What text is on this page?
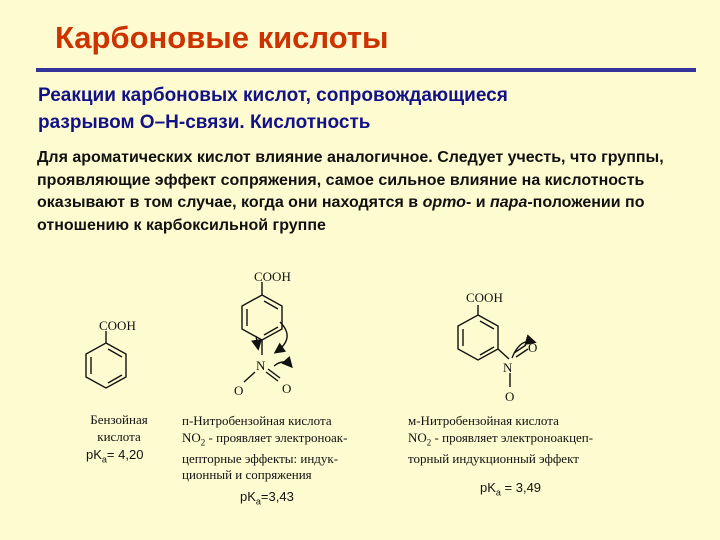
Карбоновые кислоты
Реакции карбоновых кислот, сопровождающиеся
разрывом О–Н-связи. Кислотность
Для ароматических кислот влияние аналогичное. Следует учесть, что группы, проявляющие эффект сопряжения, самое сильное влияние на кислотность оказывают в том случае, когда они находятся в орто- и пара-положении по отношению к карбоксильной группе
COOH
COOH
N
O	O
COOH
N
O
O
Бензойная
кислота
$pK_a= 4,20$
п-Нитробензойная кислота
$NO_2$ - проявляет электроноак-
цепторные эффекты: индук-
ционный и сопряжения
$pK_a=3,43$
м-Нитробензойная кислота
$NO_2$ - проявляет электроноакцеп-
торный индукционный эффект
$pK_a = 3,49$
